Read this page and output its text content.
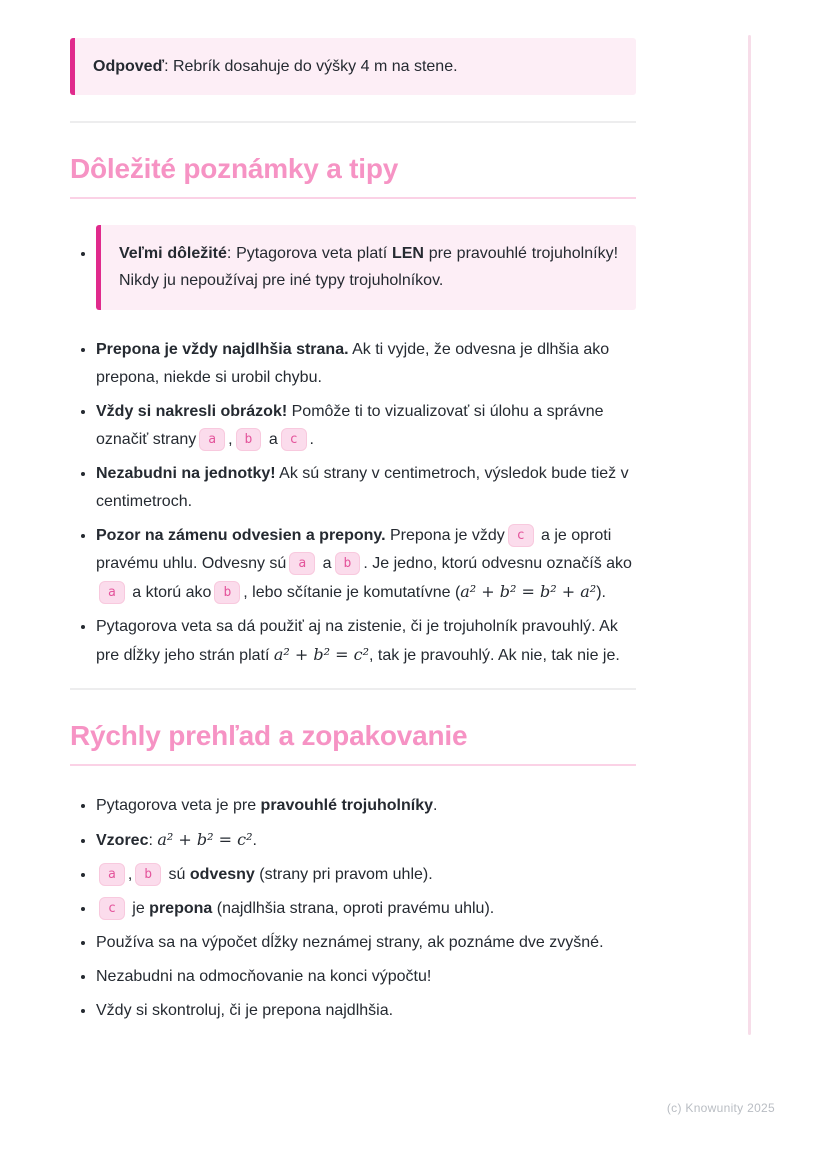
Odpoveď: Rebrík dosahuje do výšky 4 m na stene.
Dôležité poznámky a tipy
• Veľmi dôležité: Pytagorova veta platí LEN pre pravouhlé trojuholníky! Nikdy ju nepoužívaj pre iné typy trojuholníkov.
• Prepona je vždy najdlhšia strana. Ak ti vyjde, že odvesna je dlhšia ako prepona, niekde si urobil chybu.
• Vždy si nakresli obrázok! Pomôže ti to vizualizovať si úlohu a správne označiť strany a , b a c .
• Nezabudni na jednotky! Ak sú strany v centimetroch, výsledok bude tiež v centimetroch.
• Pozor na zámenu odvesien a prepony. Prepona je vždy c a je oproti pravému uhlu. Odvesny sú a a b . Je jedno, ktorú odvesnu označíš akoa a ktorú ako b , lebo sčítanie je komutatívne (a² + b² = b² + a²).
• Pytagorova veta sa dá použiť aj na zistenie, či je trojuholník pravouhlý. Ak pre dĺžky jeho strán platí a² + b² = c², tak je pravouhlý. Ak nie, tak nie je.
Rýchly prehľad a zopakovanie
• Pytagorova veta je pre pravouhlé trojuholníky.
• Vzorec: a² + b² = c².
• a , b sú odvesny (strany pri pravom uhle).
• c je prepona (najdlhšia strana, oproti pravému uhlu).
• Používa sa na výpočet dĺžky neznámej strany, ak poznáme dve zvyšné.
• Nezabudni na odmocňovanie na konci výpočtu!
• Vždy si skontroluj, či je prepona najdlhšia.
(c) Knowunity 2025
